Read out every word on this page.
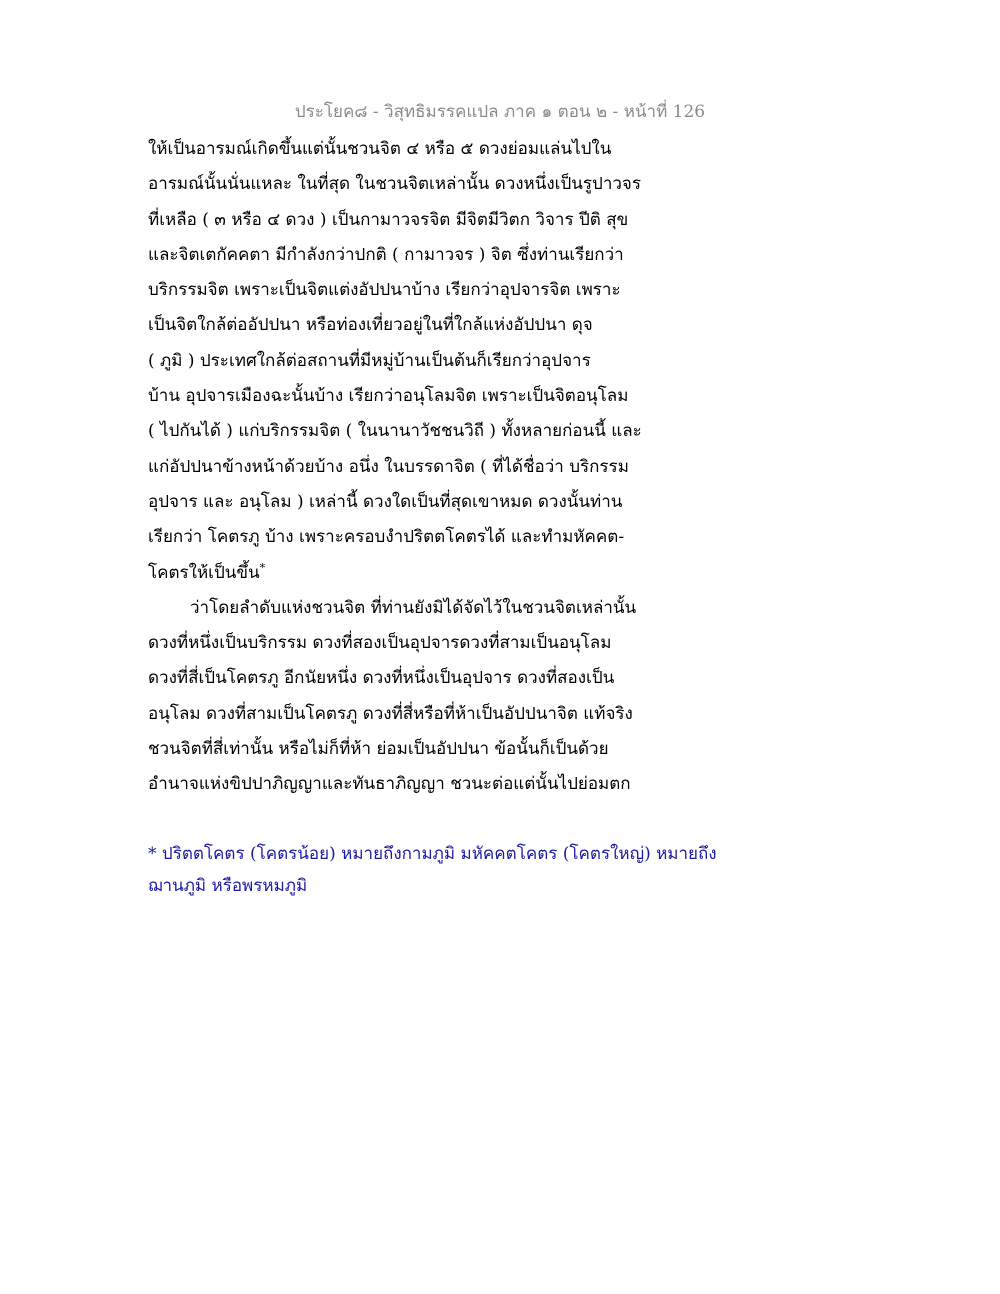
ประโยค๘ - วิสุทธิมรรคแปล ภาค ๑ ตอน ๒ - หน้าที่ 126
ให้เป็นอารมณ์เกิดขึ้นแต่นั้นชวนจิต ๔ หรือ ๕ ดวงย่อมแล่นไปใน
อารมณ์นั้นนั่นแหละ ในที่สุด ในชวนจิตเหล่านั้น ดวงหนึ่งเป็นรูปาวจร
ที่เหลือ ( ๓ หรือ ๔ ดวง ) เป็นกามาวจรจิต มีจิตมีวิตก วิจาร ปีติ สุข
และจิตเตกัคคตา มีกำลังกว่าปกติ ( กามาวจร ) จิต ซึ่งท่านเรียกว่า
บริกรรมจิต เพราะเป็นจิตแต่งอัปปนาบ้าง เรียกว่าอุปจารจิต เพราะ
เป็นจิตใกล้ต่ออัปปนา หรือท่องเที่ยวอยู่ในที่ใกล้แห่งอัปปนา ดุจ
( ภูมิ ) ประเทศใกล้ต่อสถานที่มีหมู่บ้านเป็นต้นก็เรียกว่าอุปจาร
บ้าน อุปจารเมืองฉะนั้นบ้าง เรียกว่าอนุโลมจิต เพราะเป็นจิตอนุโลม
( ไปกันได้ ) แก่บริกรรมจิต ( ในนานาวัชชนวิถี ) ทั้งหลายก่อนนี้ และ
แก่อัปปนาข้างหน้าด้วยบ้าง อนึ่ง ในบรรดาจิต ( ที่ได้ชื่อว่า บริกรรม
อุปจาร และ อนุโลม ) เหล่านี้ ดวงใดเป็นที่สุดเขาหมด ดวงนั้นท่าน
เรียกว่า โคตรภู บ้าง เพราะครอบงำปริตตโคตรได้ และทำมหัคคต-
โคตรให้เป็นขึ้น*
ว่าโดยลำดับแห่งชวนจิต ที่ท่านยังมิได้จัดไว้ในชวนจิตเหล่านั้น
ดวงที่หนึ่งเป็นบริกรรม ดวงที่สองเป็นอุปจารดวงที่สามเป็นอนุโลม
ดวงที่สี่เป็นโคตรภู อีกนัยหนึ่ง ดวงที่หนึ่งเป็นอุปจาร ดวงที่สองเป็น
อนุโลม ดวงที่สามเป็นโคตรภู ดวงที่สี่หรือที่ห้าเป็นอัปปนาจิต แท้จริง
ชวนจิตที่สี่เท่านั้น หรือไม่ก็ที่ห้า ย่อมเป็นอัปปนา ข้อนั้นก็เป็นด้วย
อำนาจแห่งขิปปาภิญญาและทันธาภิญญา ชวนะต่อแต่นั้นไปย่อมตก
* ปริตตโคตร (โคตรน้อย) หมายถึงกามภูมิ มหัคคตโคตร (โคตรใหญ่) หมายถึง
ฌานภูมิ หรือพรหมภูมิ
